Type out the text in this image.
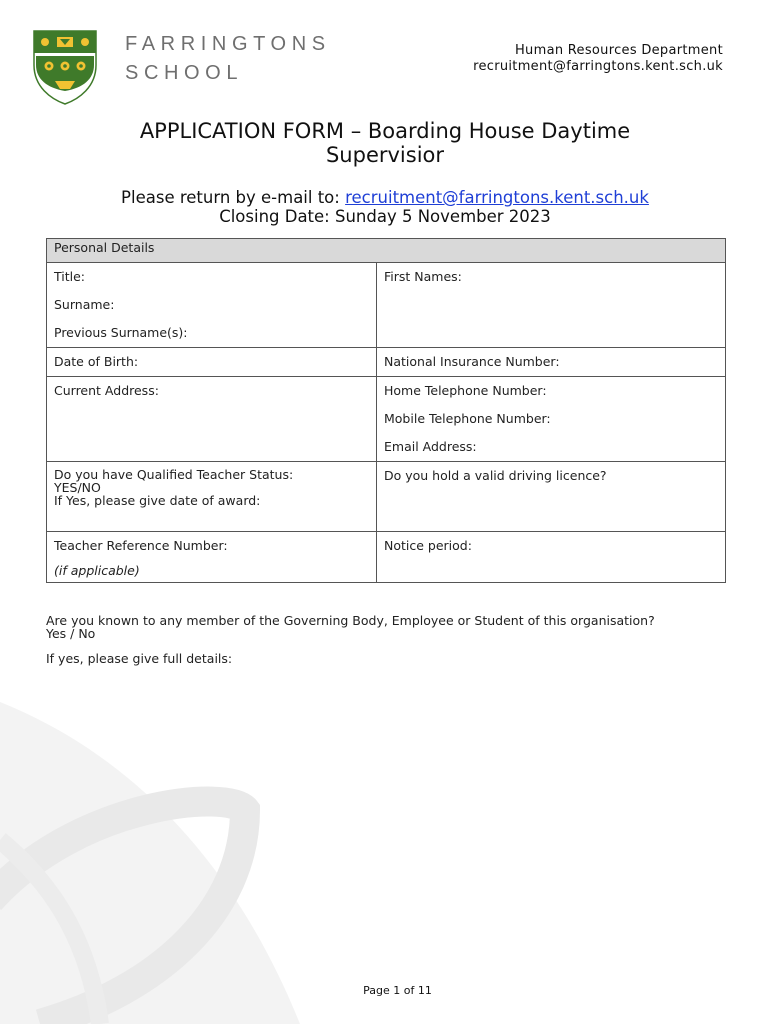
FARRINGTONS
SCHOOL
Human Resources Department
recruitment@farringtons.kent.sch.uk
APPLICATION FORM – Boarding House Daytime
Supervisior
Please return by e-mail to: recruitment@farringtons.kent.sch.uk
Closing Date: Sunday 5 November 2023
Personal Details	

Title:
Surname:
Previous Surname(s):	First Names:

Date of Birth:	National Insurance Number:

Current Address:	Home Telephone Number:
Mobile Telephone Number:
Email Address:

Do you have Qualified Teacher Status:
YES/NO
If Yes, please give date of award:	Do you hold a valid driving licence?

Teacher Reference Number:
(if applicable)	Notice period:
Are you known to any member of the Governing Body, Employee or Student of this organisation?
Yes / No
If yes, please give full details:
Page 1 of 11
